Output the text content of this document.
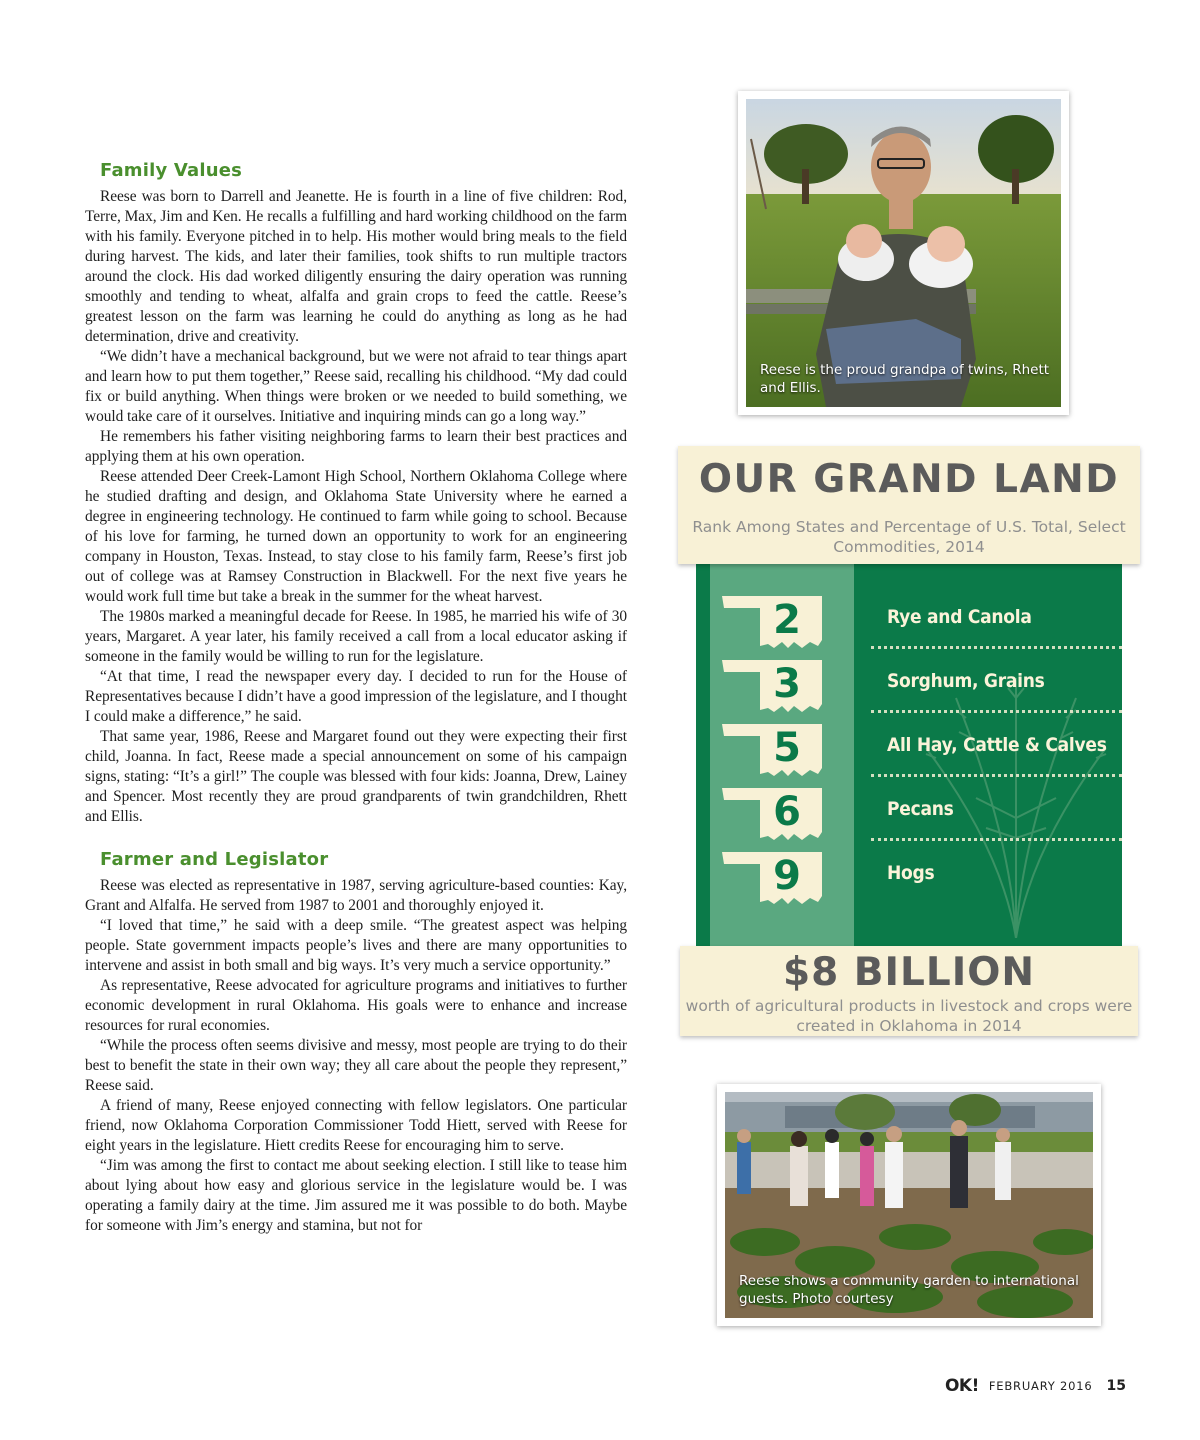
Family Values

Reese was born to Darrell and Jeanette. He is fourth in a line of five children: Rod, Terre, Max, Jim and Ken. He recalls a fulfilling and hard working childhood on the farm with his family. Everyone pitched in to help. His mother would bring meals to the field during harvest. The kids, and later their families, took shifts to run multiple tractors around the clock. His dad worked diligently ensuring the dairy operation was running smoothly and tending to wheat, alfalfa and grain crops to feed the cattle. Reese’s greatest lesson on the farm was learning he could do anything as long as he had determination, drive and creativity.

“We didn’t have a mechanical background, but we were not afraid to tear things apart and learn how to put them together,” Reese said, recalling his childhood. “My dad could fix or build anything. When things were broken or we needed to build something, we would take care of it ourselves. Initiative and inquiring minds can go a long way.”

He remembers his father visiting neighboring farms to learn their best practices and applying them at his own operation.

Reese attended Deer Creek-Lamont High School, Northern Oklahoma College where he studied drafting and design, and Oklahoma State University where he earned a degree in engineering technology. He continued to farm while going to school. Because of his love for farming, he turned down an opportunity to work for an engineering company in Houston, Texas. Instead, to stay close to his family farm, Reese’s first job out of college was at Ramsey Construction in Blackwell. For the next five years he would work full time but take a break in the summer for the wheat harvest.

The 1980s marked a meaningful decade for Reese. In 1985, he married his wife of 30 years, Margaret. A year later, his family received a call from a local educator asking if someone in the family would be willing to run for the legislature.

“At that time, I read the newspaper every day. I decided to run for the House of Representatives because I didn’t have a good impression of the legislature, and I thought I could make a difference,” he said.

That same year, 1986, Reese and Margaret found out they were expecting their first child, Joanna. In fact, Reese made a special announcement on some of his campaign signs, stating: “It’s a girl!” The couple was blessed with four kids: Joanna, Drew, Lainey and Spencer. Most recently they are proud grandparents of twin grandchildren, Rhett and Ellis.

Farmer and Legislator

Reese was elected as representative in 1987, serving agriculture-based counties: Kay, Grant and Alfalfa. He served from 1987 to 2001 and thoroughly enjoyed it.

“I loved that time,” he said with a deep smile. “The greatest aspect was helping people. State government impacts people’s lives and there are many opportunities to intervene and assist in both small and big ways. It’s very much a service opportunity.”

As representative, Reese advocated for agriculture programs and initiatives to further economic development in rural Oklahoma. His goals were to enhance and increase resources for rural economies.

“While the process often seems divisive and messy, most people are trying to do their best to benefit the state in their own way; they all care about the people they represent,” Reese said.

A friend of many, Reese enjoyed connecting with fellow legislators. One particular friend, now Oklahoma Corporation Commissioner Todd Hiett, served with Reese for eight years in the legislature. Hiett credits Reese for encouraging him to serve.

“Jim was among the first to contact me about seeking election. I still like to tease him about lying about how easy and glorious service in the legislature would be. I was operating a family dairy at the time. Jim assured me it was possible to do both. Maybe for someone with Jim’s energy and stamina, but not for

Reese is the proud grandpa of twins, Rhett and Ellis.
OUR GRAND LAND
Rank Among States and Percentage of U.S. Total, Select Commodities, 2014
2	Rye and Canola
3	Sorghum, Grains
5	All Hay, Cattle & Calves
6	Pecans
9	Hogs
$8 BILLION
worth of agricultural products in livestock and crops were created in Oklahoma in 2014
Reese shows a community garden to international guests. Photo courtesy
OK! FEBRUARY 2016 15
